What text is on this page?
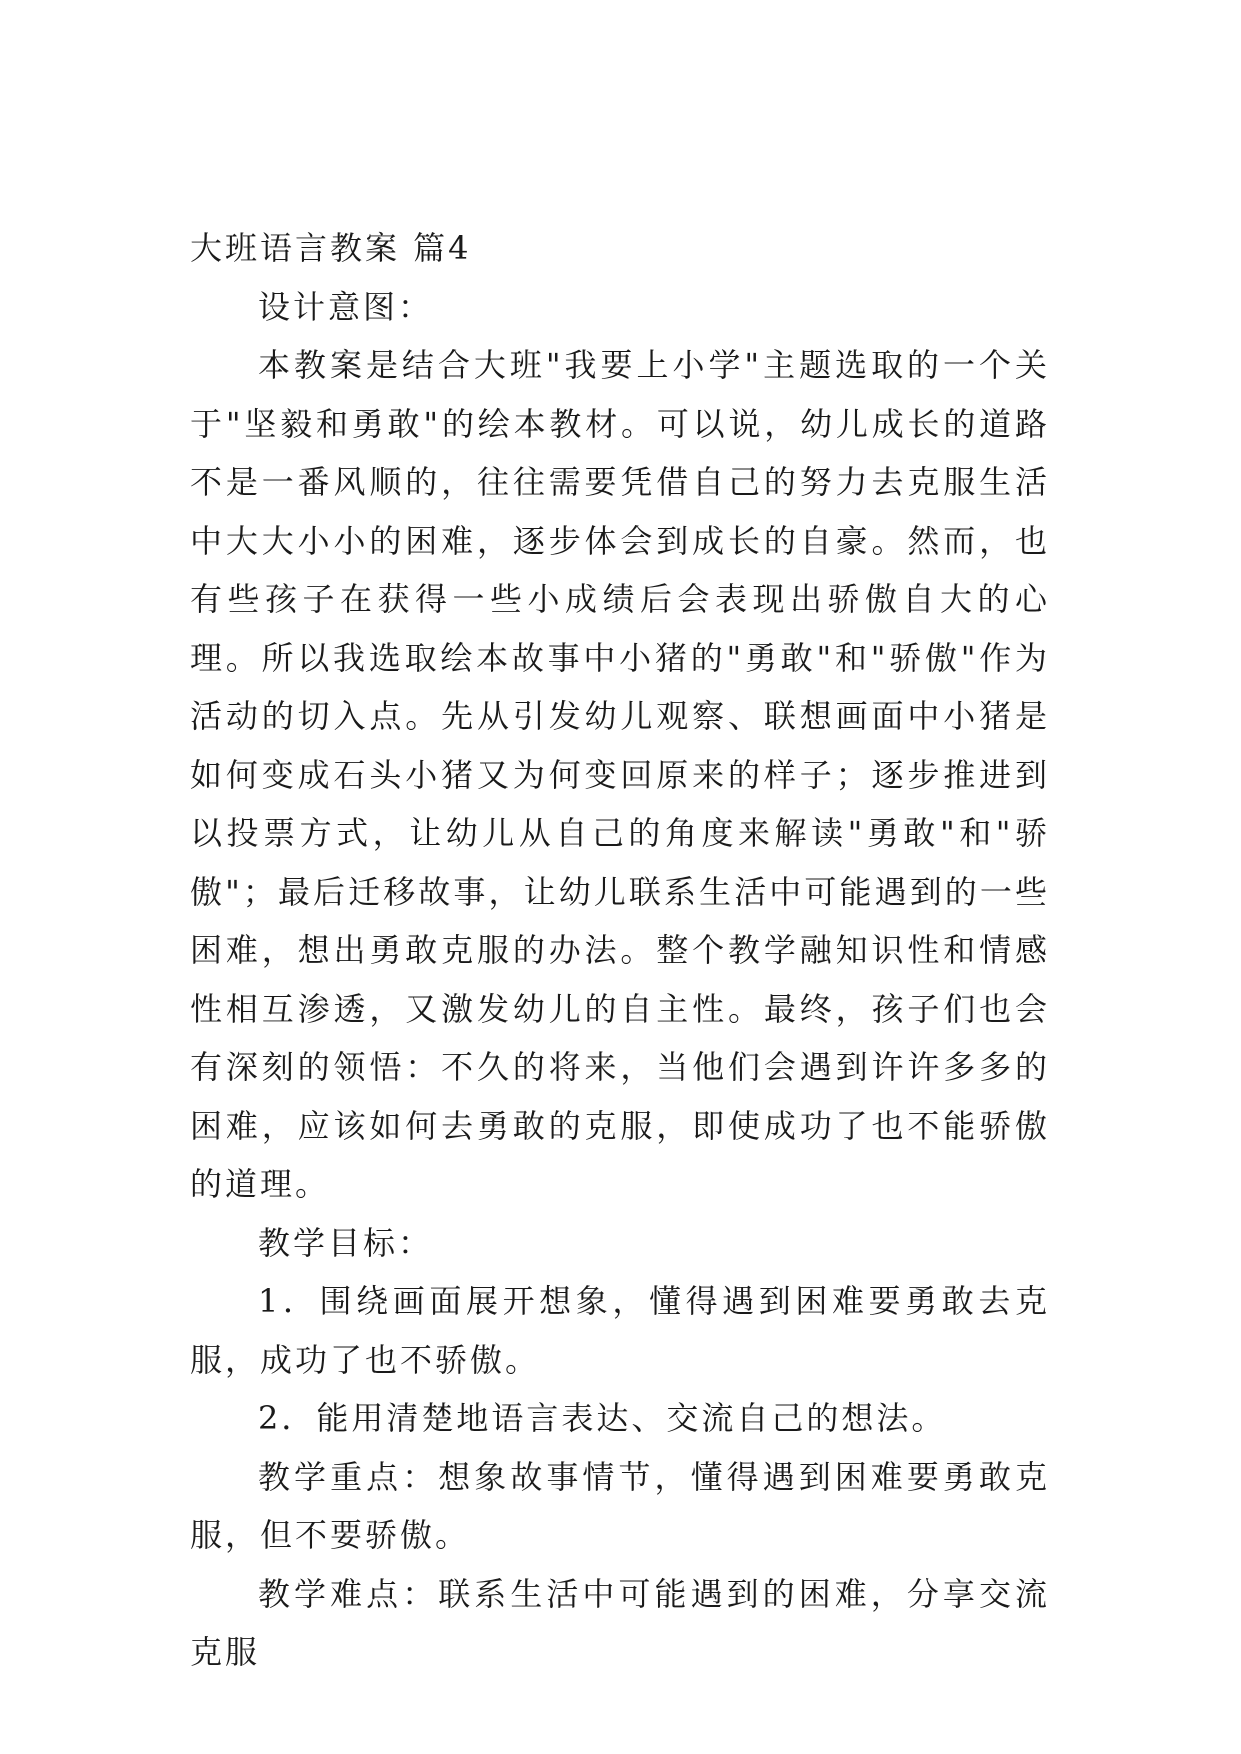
大班语言教案 篇4

设计意图：

本教案是结合大班"我要上小学"主题选取的一个关于"坚毅和勇敢"的绘本教材。可以说，幼儿成长的道路不是一番风顺的，往往需要凭借自己的努力去克服生活中大大小小的困难，逐步体会到成长的自豪。然而，也有些孩子在获得一些小成绩后会表现出骄傲自大的心理。所以我选取绘本故事中小猪的"勇敢"和"骄傲"作为活动的切入点。先从引发幼儿观察、联想画面中小猪是如何变成石头小猪又为何变回原来的样子；逐步推进到以投票方式，让幼儿从自己的角度来解读"勇敢"和"骄傲"；最后迁移故事，让幼儿联系生活中可能遇到的一些困难，想出勇敢克服的办法。整个教学融知识性和情感性相互渗透，又激发幼儿的自主性。最终，孩子们也会有深刻的领悟：不久的将来，当他们会遇到许许多多的困难，应该如何去勇敢的克服，即使成功了也不能骄傲的道理。

教学目标：

1．围绕画面展开想象，懂得遇到困难要勇敢去克服，成功了也不骄傲。

2．能用清楚地语言表达、交流自己的想法。

教学重点：想象故事情节，懂得遇到困难要勇敢克服，但不要骄傲。

教学难点：联系生活中可能遇到的困难，分享交流克服
